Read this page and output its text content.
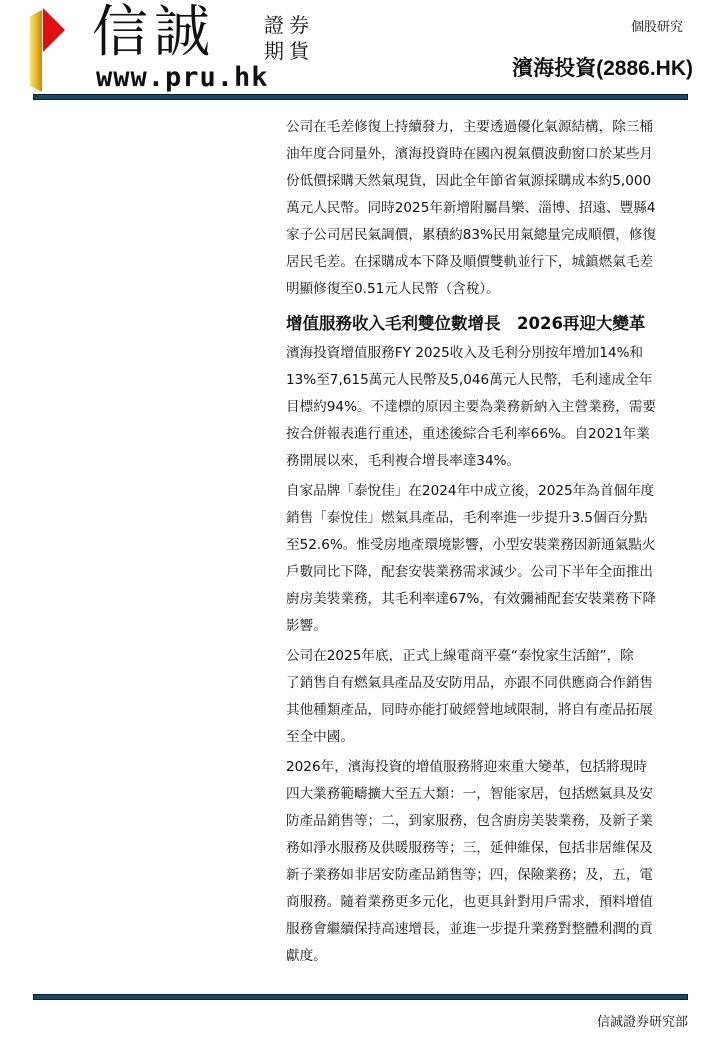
信誠 證券
期貨
www.pru.hk
個股研究
濱海投資(2886.HK)
公司在毛差修復上持續發力，主要透過優化氣源結構，除三桶
油年度合同量外，濱海投資時在國內視氣價波動窗口於某些月
份低價採購天然氣現貨，因此全年節省氣源採購成本約5,000
萬元人民幣。同時2025年新增附屬昌樂、淄博、招遠、豐縣4
家子公司居民氣調價，累積約83%民用氣總量完成順價，修復
居民毛差。在採購成本下降及順價雙軌並行下，城鎮燃氣毛差
明顯修復至0.51元人民幣（含稅）。
增值服務收入毛利雙位數增長　2026再迎大變革
濱海投資增值服務FY 2025收入及毛利分別按年增加14%和
13%至7,615萬元人民幣及5,046萬元人民幣，毛利達成全年
目標約94%。不達標的原因主要為業務新納入主營業務，需要
按合併報表進行重述，重述後綜合毛利率66%。自2021年業
務開展以來，毛利複合增長率達34%。
自家品牌「泰悅佳」在2024年中成立後，2025年為首個年度
銷售「泰悅佳」燃氣具產品，毛利率進一步提升3.5個百分點
至52.6%。惟受房地產環境影響，小型安裝業務因新通氣點火
戶數同比下降，配套安裝業務需求減少。公司下半年全面推出
廚房美裝業務，其毛利率達67%，有效彌補配套安裝業務下降
影響。
公司在2025年底，正式上線電商平臺“泰悅家生活館”，除
了銷售自有燃氣具產品及安防用品，亦跟不同供應商合作銷售
其他種類產品，同時亦能打破經營地域限制，將自有產品拓展
至全中國。
2026年，濱海投資的增值服務將迎來重大變革，包括將現時
四大業務範疇擴大至五大類：一，智能家居，包括燃氣具及安
防產品銷售等；二，到家服務，包含廚房美裝業務，及新子業
務如淨水服務及供暖服務等；三，延伸維保，包括非居維保及
新子業務如非居安防產品銷售等；四，保險業務；及，五，電
商服務。隨着業務更多元化，也更具針對用戶需求，預料增值
服務會繼續保持高速增長，並進一步提升業務對整體利潤的貢
獻度。
信誠證券研究部
